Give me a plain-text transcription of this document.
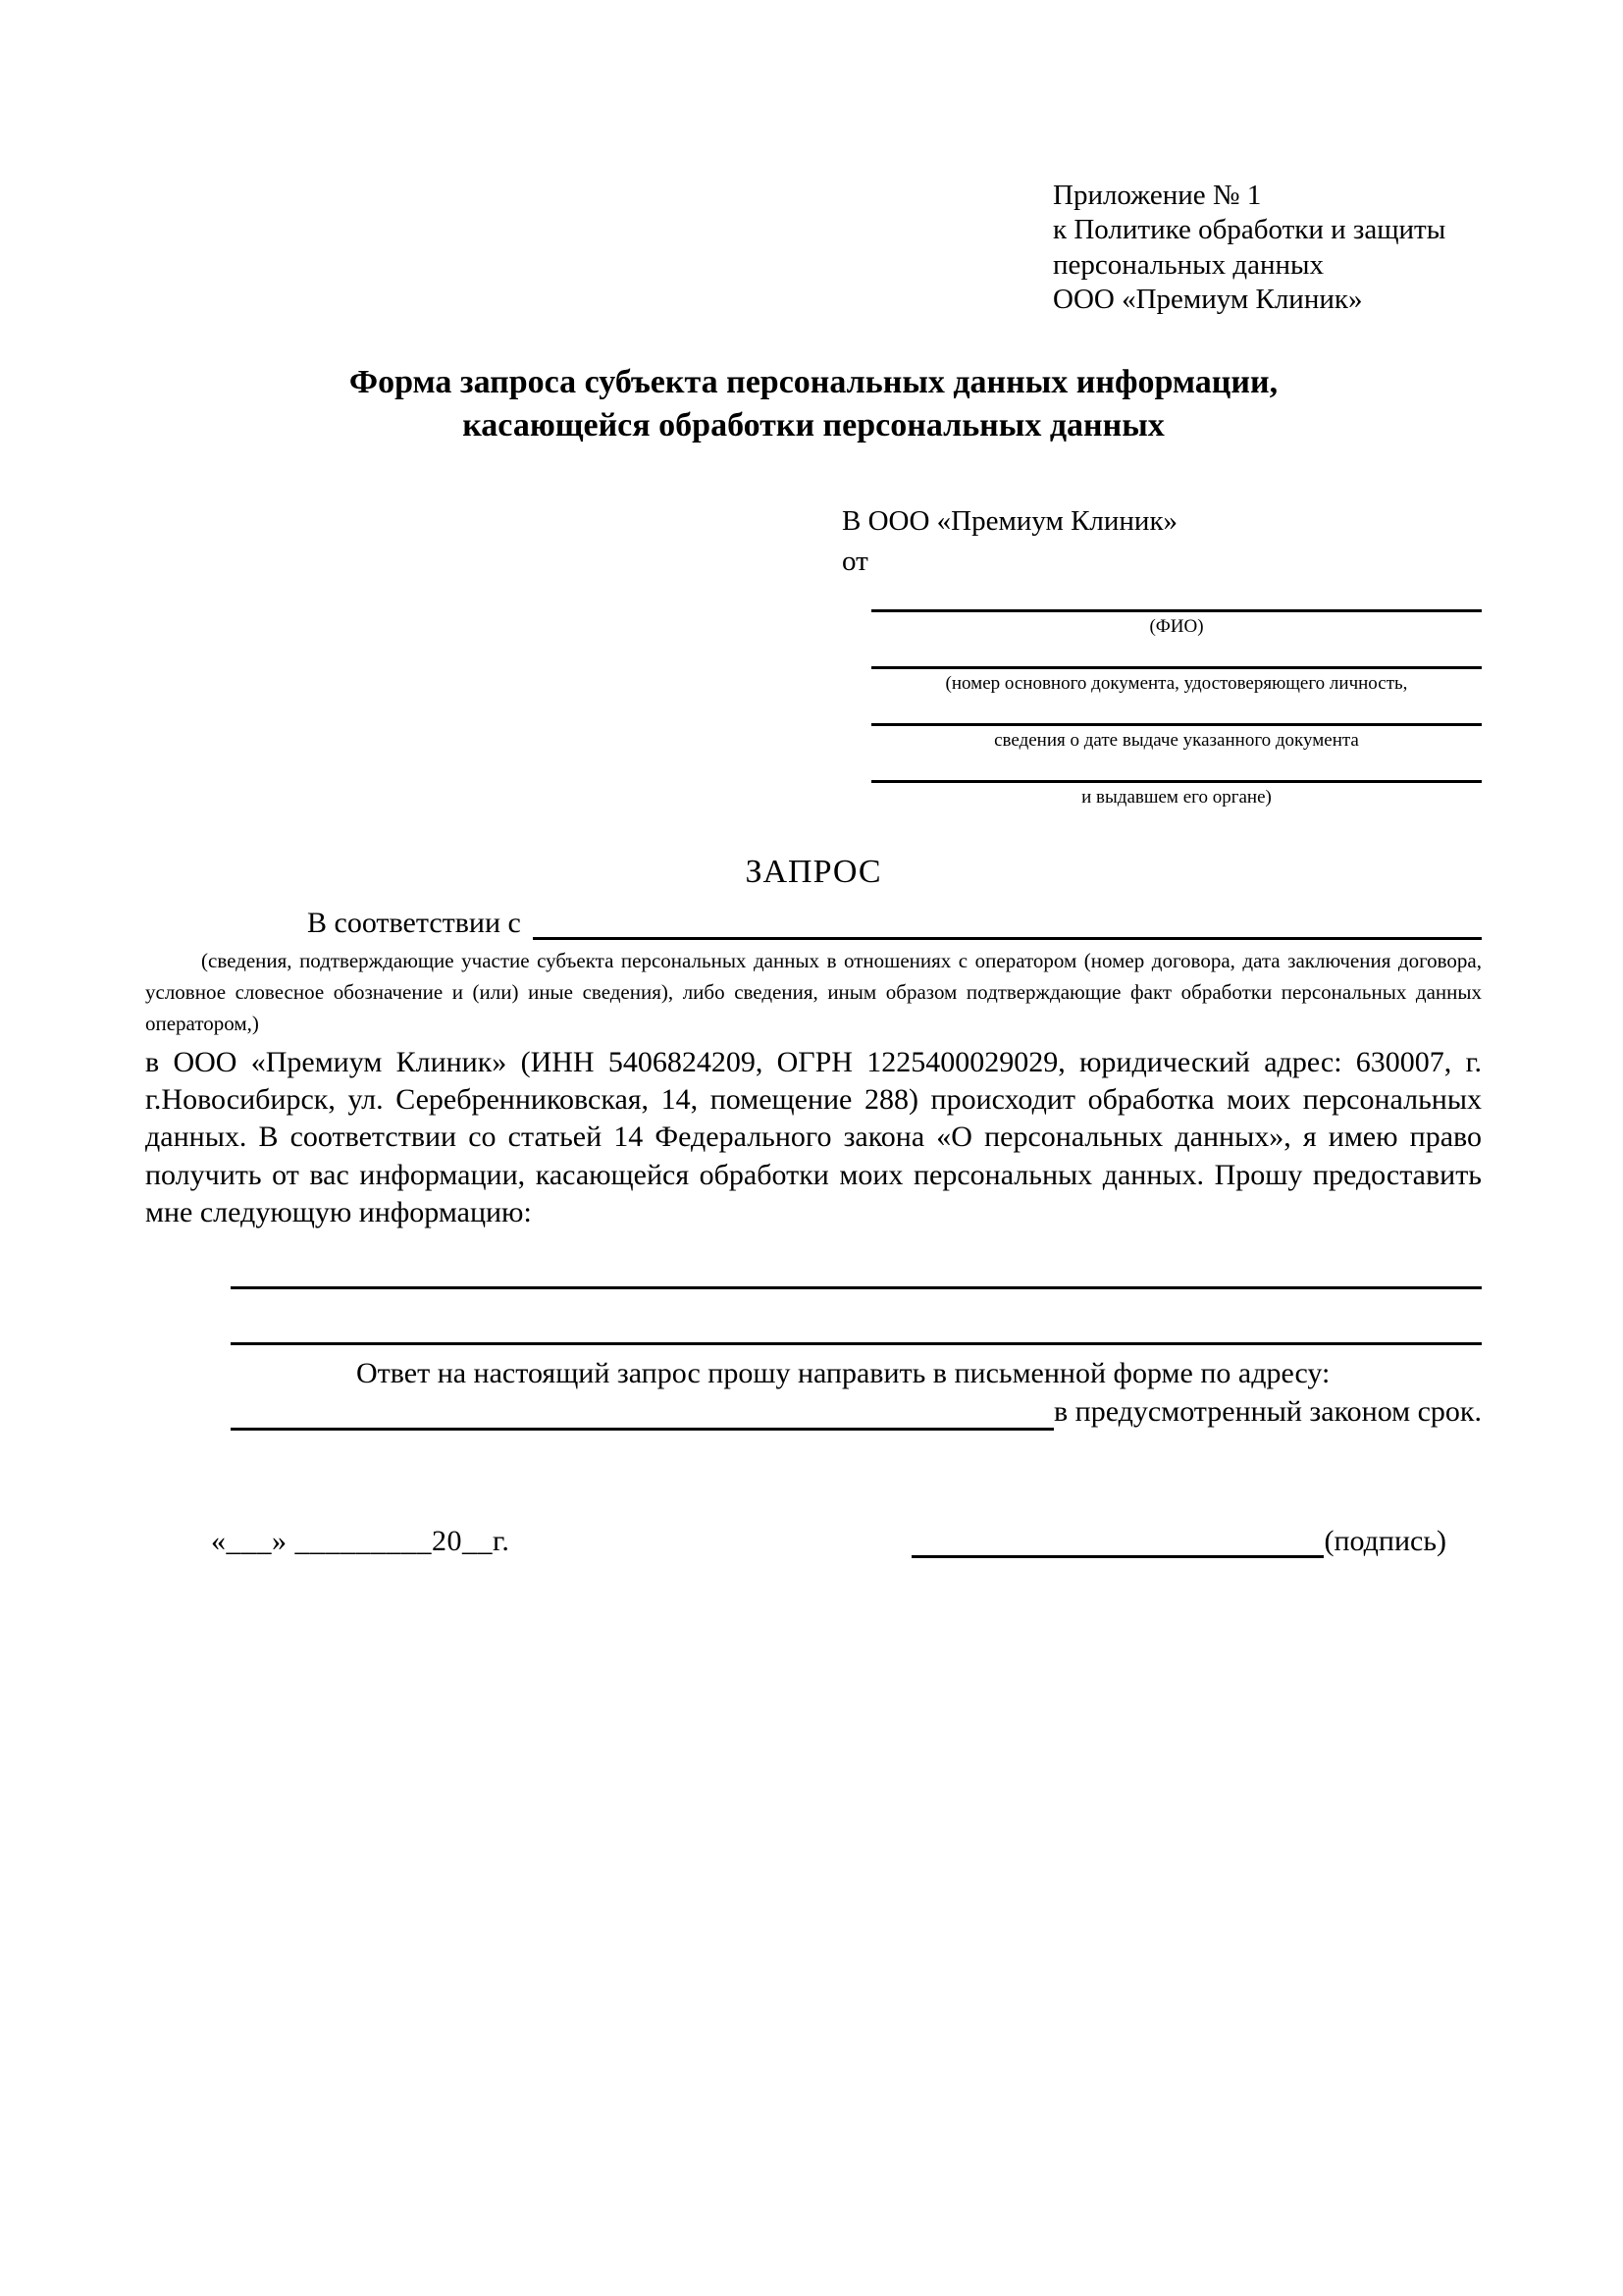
Приложение № 1
к Политике обработки и защиты
персональных данных
ООО «Премиум Клиник»
Форма запроса субъекта персональных данных информации,
касающейся обработки персональных данных
В ООО «Премиум Клиник»
от
(ФИО)
(номер основного документа, удостоверяющего личность,
сведения о дате выдаче указанного документа
и выдавшем его органе)
ЗАПРОС
В соответствии с

(сведения, подтверждающие участие субъекта персональных данных в отношениях с оператором (номер договора, дата заключения договора, условное словесное обозначение и (или) иные сведения), либо сведения, иным образом подтверждающие факт обработки персональных данных оператором,)

в ООО «Премиум Клиник» (ИНН 5406824209, ОГРН 1225400029029, юридический адрес: 630007, г. г.Новосибирск, ул. Серебренниковская, 14, помещение 288) происходит обработка моих персональных данных. В соответствии со статьей 14 Федерального закона «О персональных данных», я имею право получить от вас информации, касающейся обработки моих персональных данных. Прошу предоставить мне следующую информацию:

Ответ на настоящий запрос прошу направить в письменной форме по адресу:

в предусмотренный законом срок.
«___» _________20__г.	(подпись)
